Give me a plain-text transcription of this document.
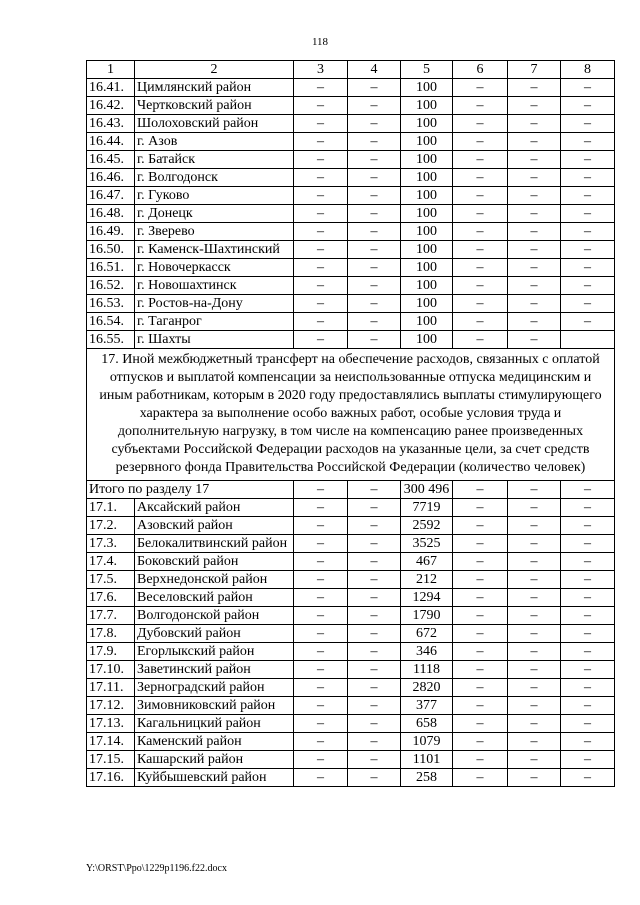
118
1	2	3	4	5	6	7	8
16.41.	Цимлянский район	–	–	100	–	–	–
16.42.	Чертковский район	–	–	100	–	–	–
16.43.	Шолоховский район	–	–	100	–	–	–
16.44.	г. Азов	–	–	100	–	–	–
16.45.	г. Батайск	–	–	100	–	–	–
16.46.	г. Волгодонск	–	–	100	–	–	–
16.47.	г. Гуково	–	–	100	–	–	–
16.48.	г. Донецк	–	–	100	–	–	–
16.49.	г. Зверево	–	–	100	–	–	–
16.50.	г. Каменск-Шахтинский	–	–	100	–	–	–
16.51.	г. Новочеркасск	–	–	100	–	–	–
16.52.	г. Новошахтинск	–	–	100	–	–	–
16.53.	г. Ростов-на-Дону	–	–	100	–	–	–
16.54.	г. Таганрог	–	–	100	–	–	–
16.55.	г. Шахты	–	–	100	–	–	
17. Иной межбюджетный трансферт на обеспечение расходов, связанных с оплатой отпусков и выплатой компенсации за неиспользованные отпуска медицинским и иным работникам, которым в 2020 году предоставлялись выплаты стимулирующего характера за выполнение особо важных работ, особые условия труда и дополнительную нагрузку, в том числе на компенсацию ранее произведенных субъектами Российской Федерации расходов на указанные цели, за счет средств резервного фонда Правительства Российской Федерации (количество человек)							
Итого по разделу 17		–	–	300 496	–	–	–
17.1.	Аксайский район	–	–	7719	–	–	–
17.2.	Азовский район	–	–	2592	–	–	–
17.3.	Белокалитвинский район	–	–	3525	–	–	–
17.4.	Боковский район	–	–	467	–	–	–
17.5.	Верхнедонской район	–	–	212	–	–	–
17.6.	Веселовский район	–	–	1294	–	–	–
17.7.	Волгодонской район	–	–	1790	–	–	–
17.8.	Дубовский район	–	–	672	–	–	–
17.9.	Егорлыкский район	–	–	346	–	–	–
17.10.	Заветинский район	–	–	1118	–	–	–
17.11.	Зерноградский район	–	–	2820	–	–	–
17.12.	Зимовниковский район	–	–	377	–	–	–
17.13.	Кагальницкий район	–	–	658	–	–	–
17.14.	Каменский район	–	–	1079	–	–	–
17.15.	Кашарский район	–	–	1101	–	–	–
17.16.	Куйбышевский район	–	–	258	–	–	–
Y:\ORST\Ppo\1229p1196.f22.docx
